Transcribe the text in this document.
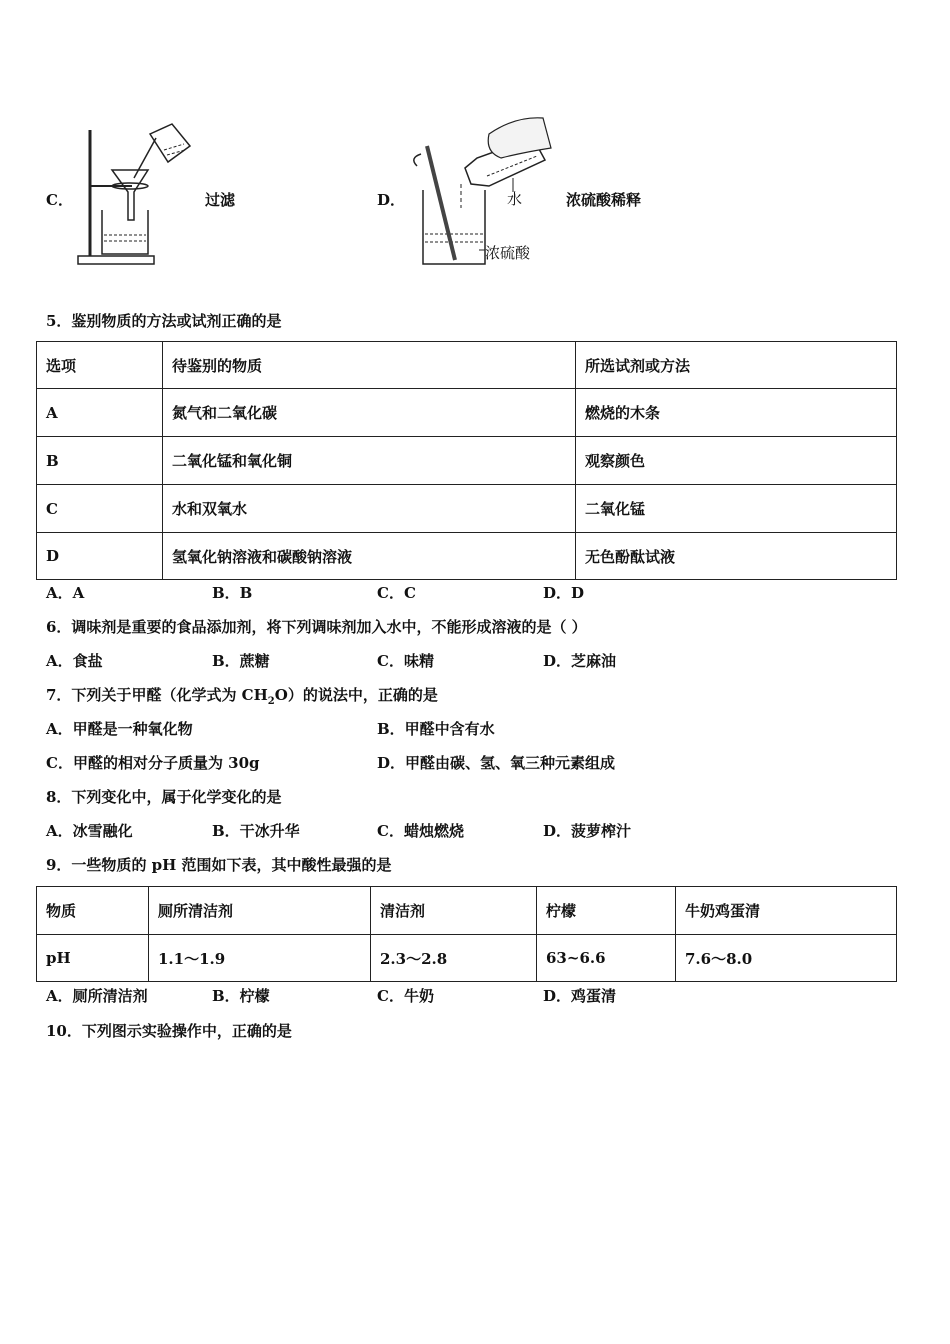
C．	过滤	D．	水
浓硫酸
浓硫酸稀释
5．鉴别物质的方法或试剂正确的是
选项	待鉴别的物质	所选试剂或方法
A	氮气和二氧化碳	燃烧的木条
B	二氧化锰和氧化铜	观察颜色
C	水和双氧水	二氧化锰
D	氢氧化钠溶液和碳酸钠溶液	无色酚酞试液
A．A	B．B	C．C	D．D
6．调味剂是重要的食品添加剂，将下列调味剂加入水中，不能形成溶液的是（ ）
A．食盐	B．蔗糖	C．味精	D．芝麻油
7．下列关于甲醛（化学式为 $CH_2O$）的说法中，正确的是
A．甲醛是一种氧化物	B．甲醛中含有水
C．甲醛的相对分子质量为 30g	D．甲醛由碳、氢、氧三种元素组成
8．下列变化中，属于化学变化的是
A．冰雪融化	B．干冰升华	C．蜡烛燃烧	D．菠萝榨汁
9．一些物质的 pH 范围如下表，其中酸性最强的是
物质	厕所清洁剂	清洁剂	柠檬	牛奶鸡蛋清
pH	1.1～1.9	2.3～2.8	63~6.6	7.6～8.0
A．厕所清洁剂	B．柠檬	C．牛奶	D．鸡蛋清
10．下列图示实验操作中，正确的是
